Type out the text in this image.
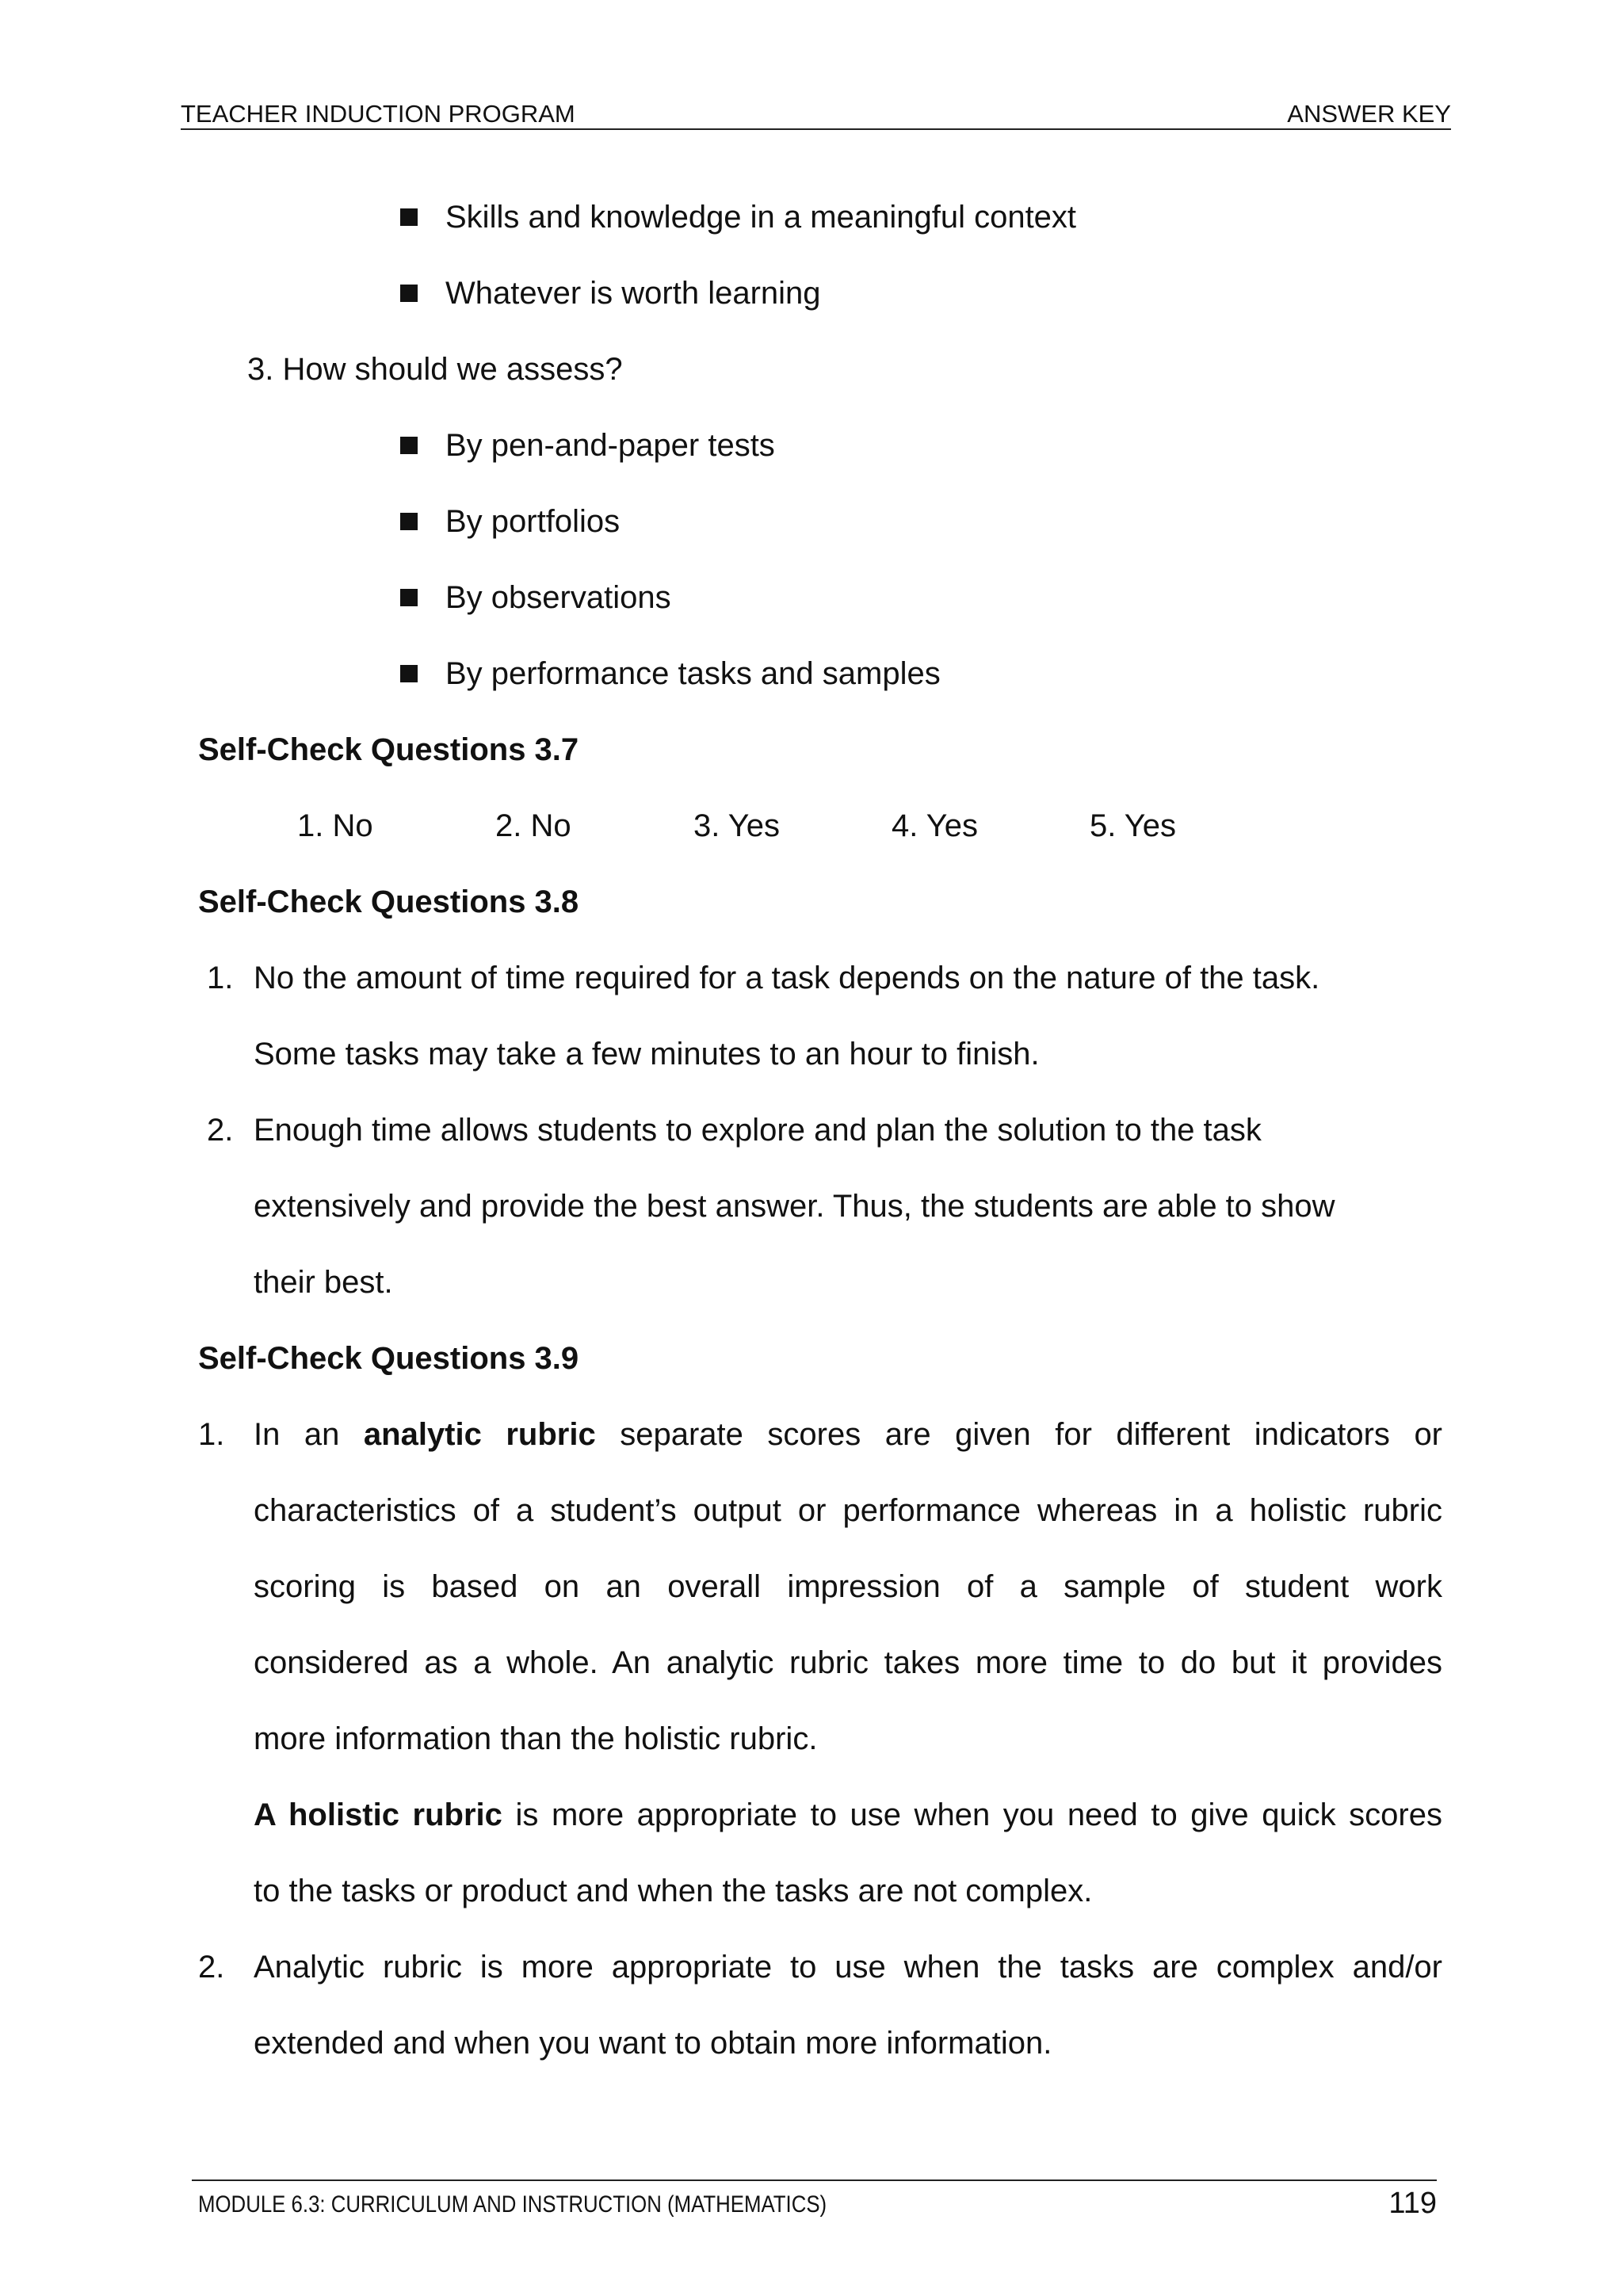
TEACHER INDUCTION PROGRAM	ANSWER KEY
Skills and knowledge in a meaningful context
Whatever is worth learning
3. How should we assess?
By pen-and-paper tests
By portfolios
By observations
By performance tasks and samples
Self-Check Questions 3.7
1. No	2. No	3. Yes	4. Yes	5. Yes
Self-Check Questions 3.8
1. No the amount of time required for a task depends on the nature of the task.
Some tasks may take a few minutes to an hour to finish.
2. Enough time allows students to explore and plan the solution to the task
extensively and provide the best answer. Thus, the students are able to show
their best.
Self-Check Questions 3.9
1. In an analytic rubric separate scores are given for different indicators or
characteristics of a student’s output or performance whereas in a holistic rubric
scoring is based on an overall impression of a sample of student work
considered as a whole. An analytic rubric takes more time to do but it provides
more information than the holistic rubric.
A holistic rubric is more appropriate to use when you need to give quick scores
to the tasks or product and when the tasks are not complex.
2. Analytic rubric is more appropriate to use when the tasks are complex and/or
extended and when you want to obtain more information.
MODULE 6.3: CURRICULUM AND INSTRUCTION (MATHEMATICS)	119
